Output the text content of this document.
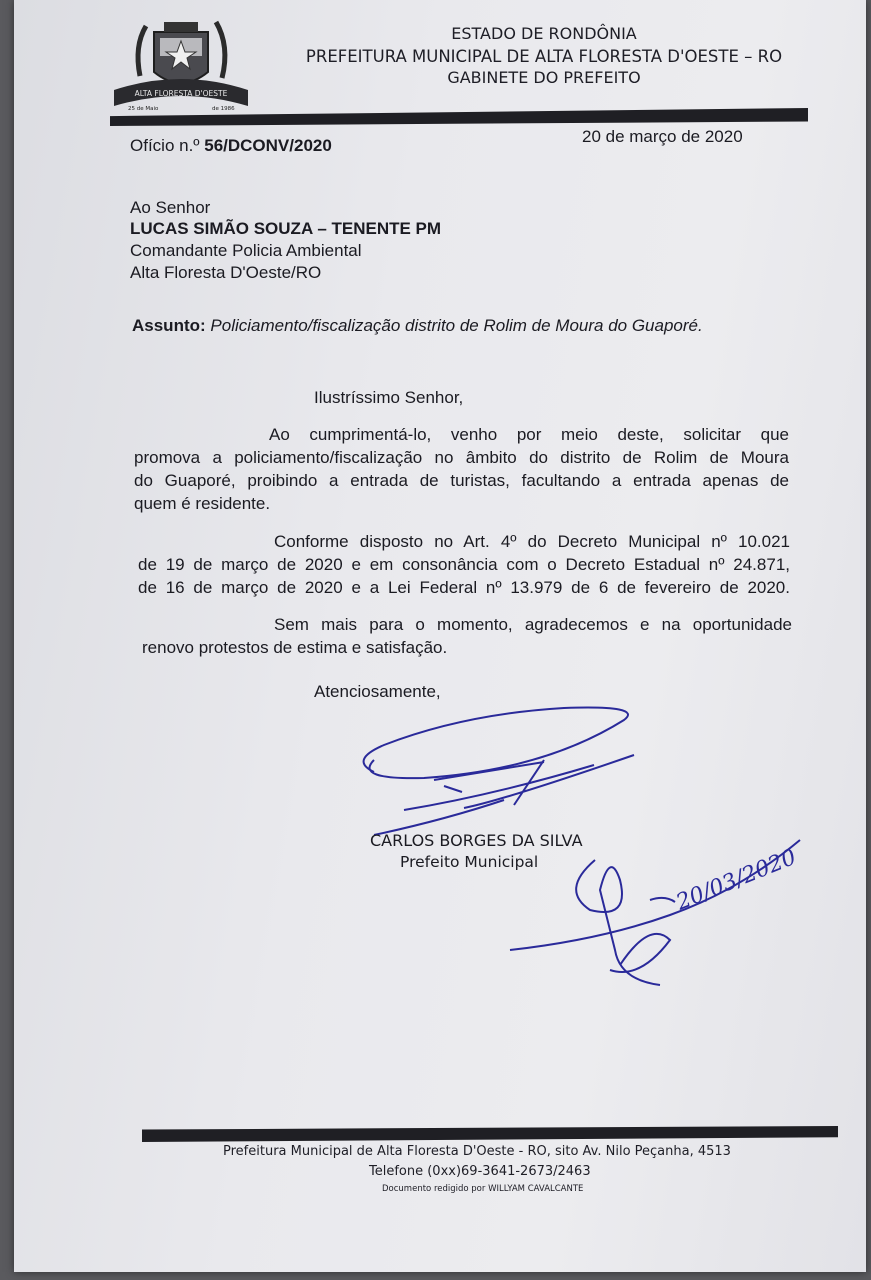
ALTA FLORESTA D'OESTE
25 de Maio	de 1986
ESTADO DE RONDÔNIA
PREFEITURA MUNICIPAL DE ALTA FLORESTA D'OESTE – RO
GABINETE DO PREFEITO
Ofício n.º 56/DCONV/2020	20 de março de 2020
Ao Senhor
LUCAS SIMÃO SOUZA – TENENTE PM
Comandante Policia Ambiental
Alta Floresta D'Oeste/RO
Assunto: Policiamento/fiscalização distrito de Rolim de Moura do Guaporé.
Ilustríssimo Senhor,
Ao cumprimentá-lo, venho por meio deste, solicitar que
promova a policiamento/fiscalização no âmbito do distrito de Rolim de Moura
do Guaporé, proibindo a entrada de turistas, facultando a entrada apenas de
quem é residente.
Conforme disposto no Art. 4º do Decreto Municipal nº 10.021
de 19 de março de 2020 e em consonância com o Decreto Estadual nº 24.871,
de 16 de março de 2020 e a Lei Federal nº 13.979 de 6 de fevereiro de 2020.
Sem mais para o momento, agradecemos e na oportunidade
renovo protestos de estima e satisfação.
Atenciosamente,
CARLOS BORGES DA SILVA
Prefeito Municipal	20/03/2020
Prefeitura Municipal de Alta Floresta D'Oeste - RO, sito Av. Nilo Peçanha, 4513
Telefone (0xx)69-3641-2673/2463
Documento redigido por WILLYAM CAVALCANTE
